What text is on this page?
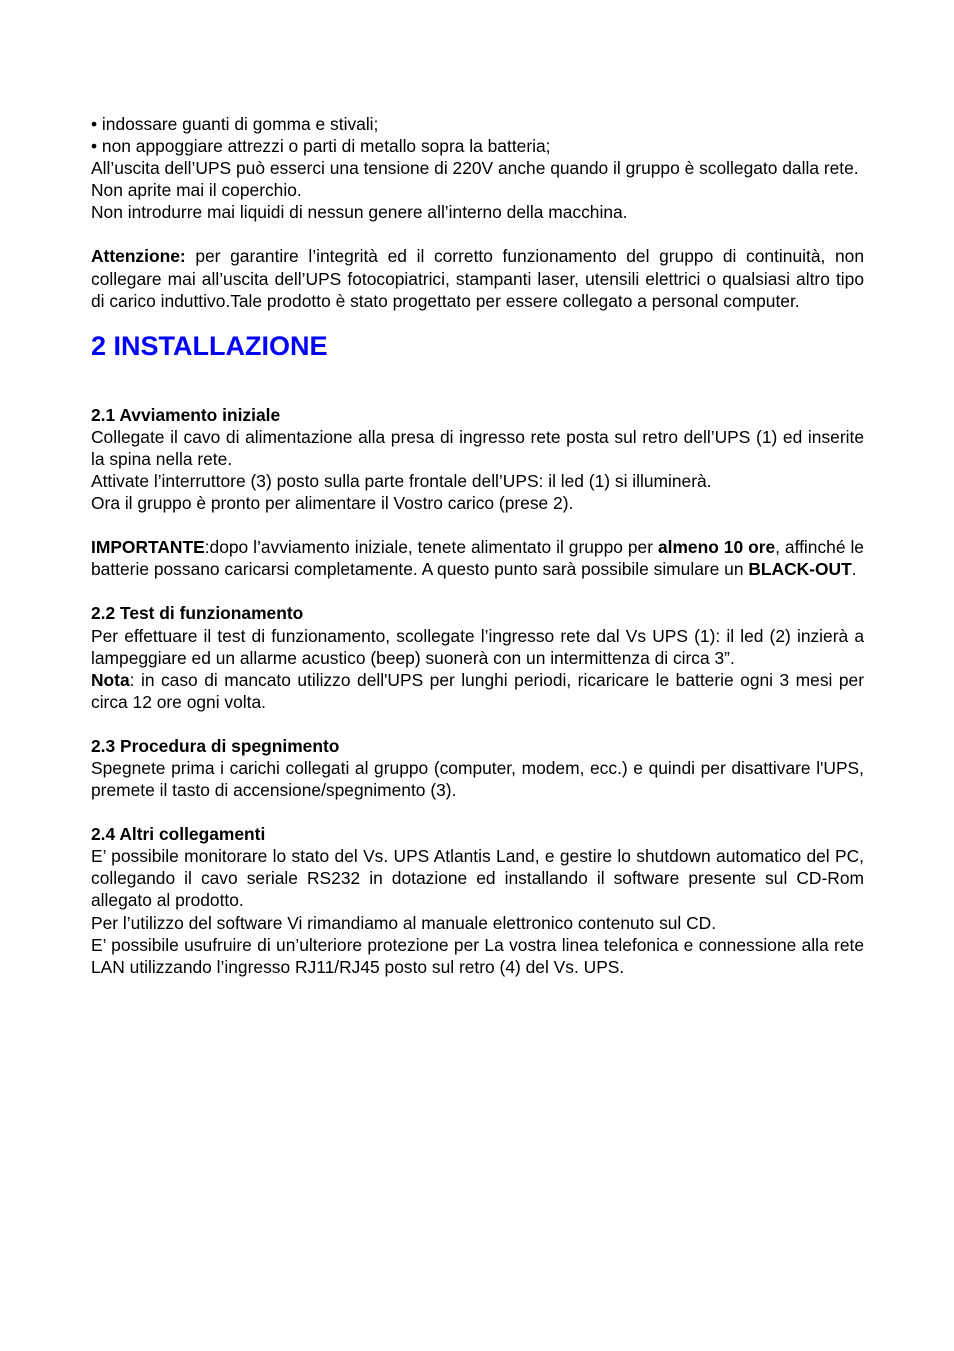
• indossare guanti di gomma e stivali;

• non appoggiare attrezzi o parti di metallo sopra la batteria;

All’uscita dell’UPS può esserci una tensione di 220V anche quando il gruppo è scollegato dalla rete. Non aprite mai il coperchio.

Non introdurre mai liquidi di nessun genere all’interno della macchina.

Attenzione: per garantire l’integrità ed il corretto funzionamento del gruppo di continuità, non collegare mai all’uscita dell’UPS fotocopiatrici, stampanti laser, utensili elettrici o qualsiasi altro tipo di carico induttivo.Tale prodotto è stato progettato per essere collegato a personal computer.

2 INSTALLAZIONE
2.1 Avviamento iniziale

Collegate il cavo di alimentazione alla presa di ingresso rete posta sul retro dell’UPS (1) ed inserite la spina nella rete.

Attivate l’interruttore (3) posto sulla parte frontale dell’UPS: il led (1) si illuminerà.

Ora il gruppo è pronto per alimentare il Vostro carico (prese 2).

IMPORTANTE:dopo l’avviamento iniziale, tenete alimentato il gruppo per almeno 10 ore, affinché le batterie possano caricarsi completamente. A questo punto sarà possibile simulare un BLACK-OUT.

2.2 Test di funzionamento

Per effettuare il test di funzionamento, scollegate l’ingresso rete dal Vs UPS (1): il led (2) inzierà a lampeggiare ed un allarme acustico (beep) suonerà con un intermittenza di circa 3”.

Nota: in caso di mancato utilizzo dell'UPS per lunghi periodi, ricaricare le batterie ogni 3 mesi per circa 12 ore ogni volta.

2.3 Procedura di spegnimento

Spegnete prima i carichi collegati al gruppo (computer, modem, ecc.) e quindi per disattivare l'UPS, premete il tasto di accensione/spegnimento (3).

2.4 Altri collegamenti

E’ possibile monitorare lo stato del Vs. UPS Atlantis Land, e gestire lo shutdown automatico del PC, collegando il cavo seriale RS232 in dotazione ed installando il software presente sul CD-Rom allegato al prodotto.

Per l’utilizzo del software Vi rimandiamo al manuale elettronico contenuto sul CD.

E’ possibile usufruire di un’ulteriore protezione per La vostra linea telefonica e connessione alla rete LAN utilizzando l’ingresso RJ11/RJ45 posto sul retro (4) del Vs. UPS.
